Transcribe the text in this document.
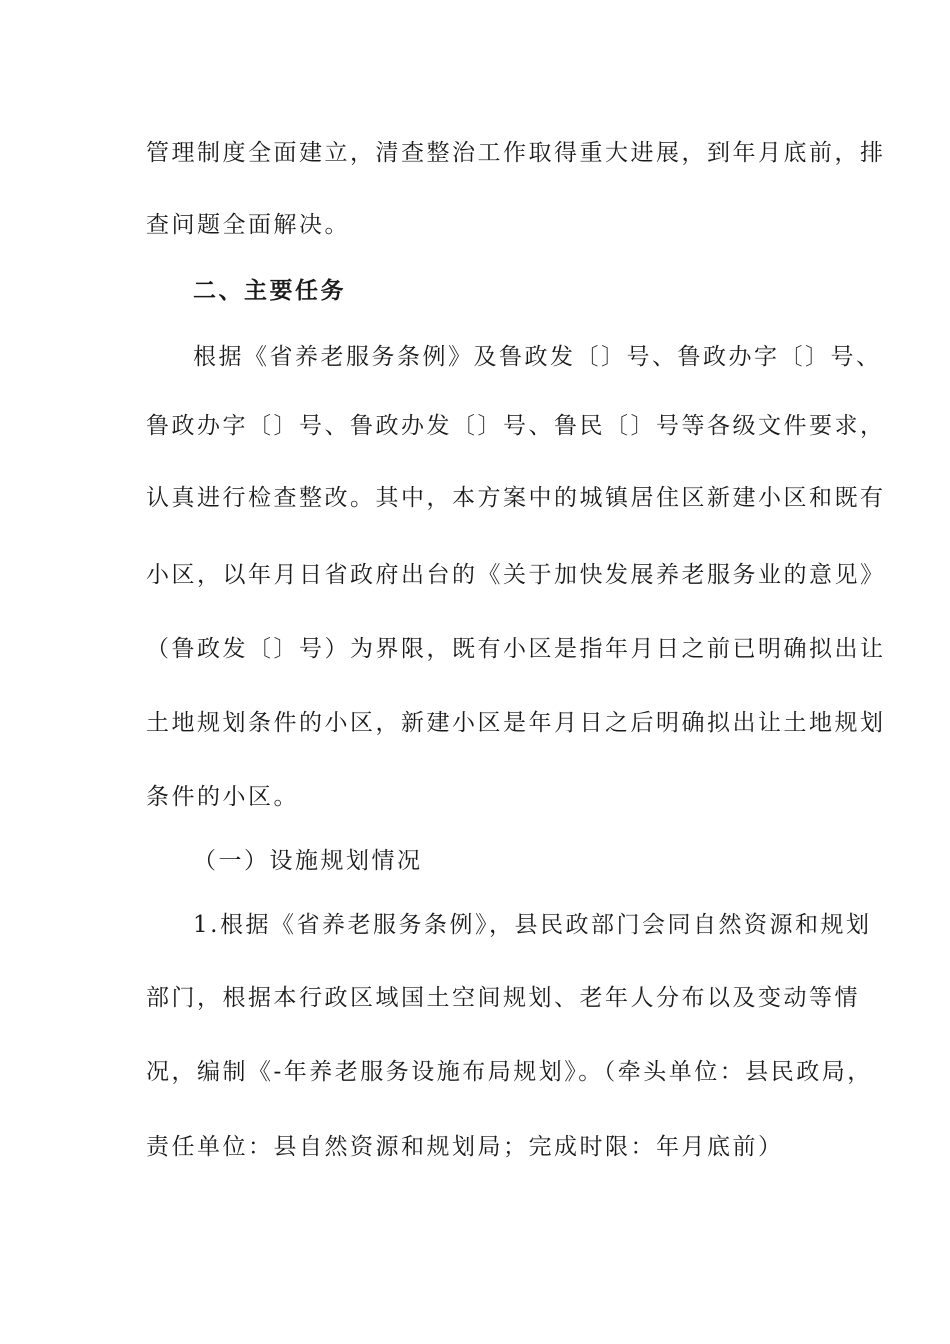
管理制度全面建立，清查整治工作取得重大进展，到年月底前，排
查问题全面解决。
二、主要任务
根据《省养老服务条例》及鲁政发〔〕号、鲁政办字〔〕号、
鲁政办字〔〕号、鲁政办发〔〕号、鲁民〔〕号等各级文件要求，
认真进行检查整改。其中，本方案中的城镇居住区新建小区和既有
小区，以年月日省政府出台的《关于加快发展养老服务业的意见》
（鲁政发〔〕号）为界限，既有小区是指年月日之前已明确拟出让
土地规划条件的小区，新建小区是年月日之后明确拟出让土地规划
条件的小区。
（一）设施规划情况
1.根据《省养老服务条例》，县民政部门会同自然资源和规划
部门，根据本行政区域国土空间规划、老年人分布以及变动等情
况，编制《-年养老服务设施布局规划》。（牵头单位：县民政局，
责任单位：县自然资源和规划局；完成时限：年月底前）
